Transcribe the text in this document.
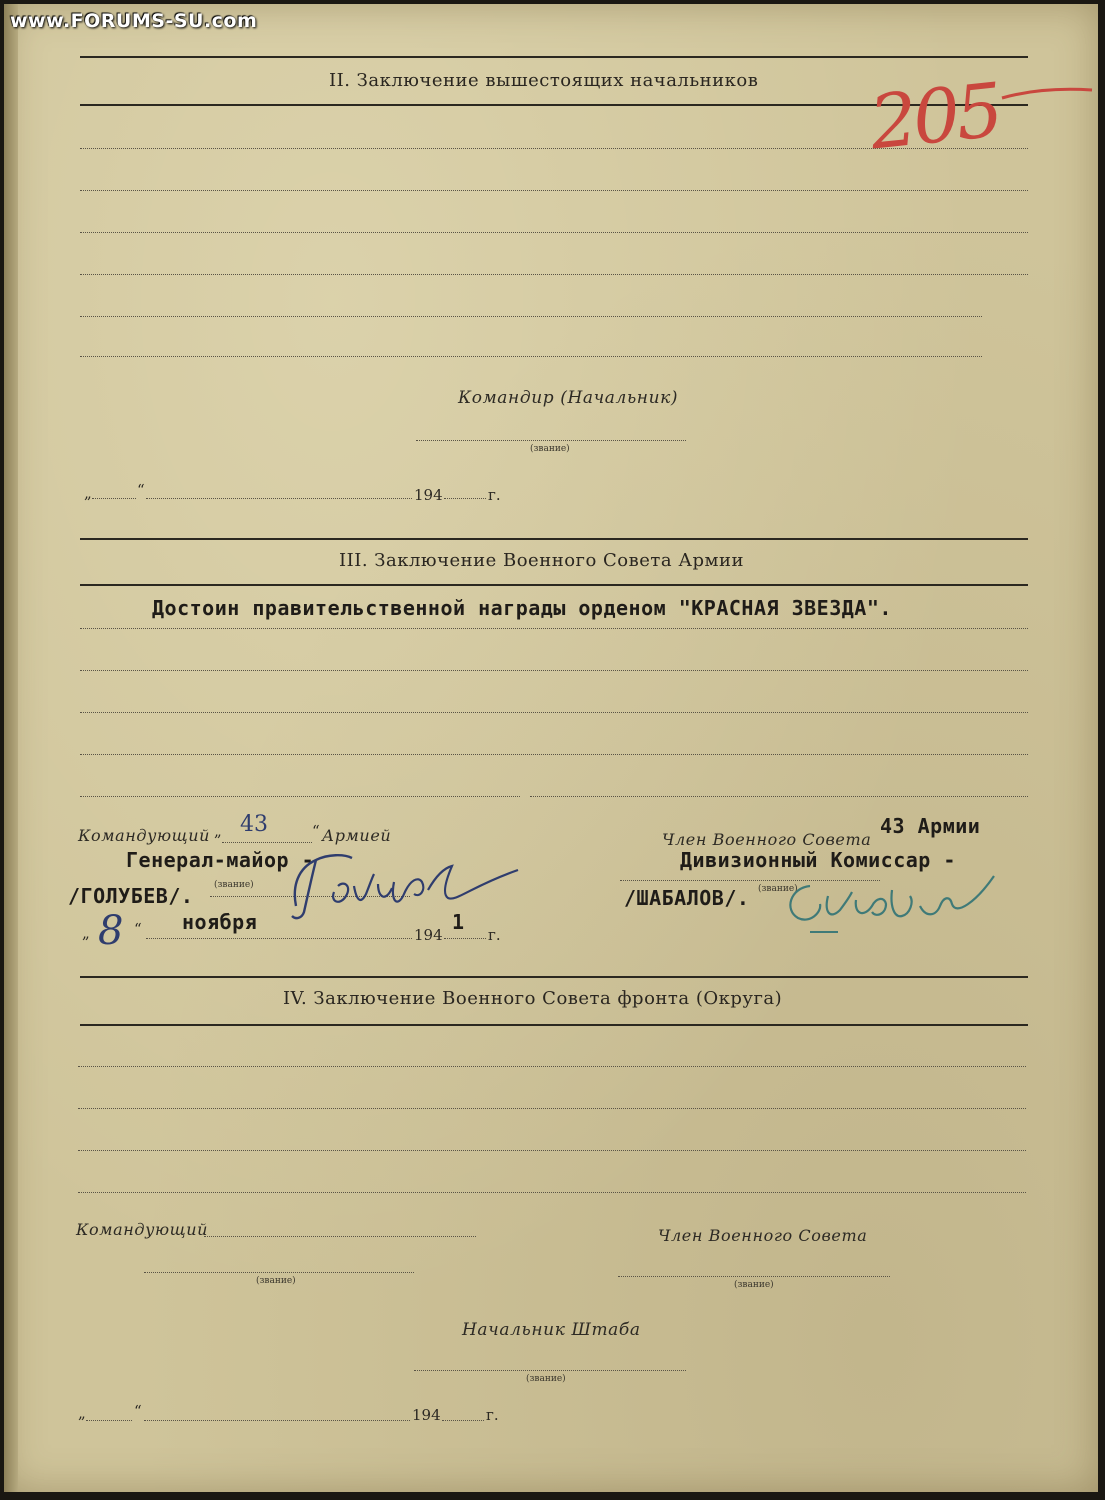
www.FORUMS-SU.com
II. Заключение вышестоящих начальников 205
Командир (Начальник)
(звание)
„	“	194	г.
III. Заключение Военного Совета Армии
Достоин правительственной награды орденом "КРАСНАЯ ЗВЕЗДА".
Командующий „ 43	“ Армией
Генерал-майор -
/ГОЛУБЕВ/. (звание)
Член Военного Совета
43 Армии
Дивизионный Комиссар -
/ШАБАЛОВ/. (звание)
„ 8 “ ноября
194
1
г.
IV. Заключение Военного Совета фронта (Округа)
Командующий	Член Военного Совета
(звание)	(звание)
Начальник Штаба
(звание)
„	“	194	г.
